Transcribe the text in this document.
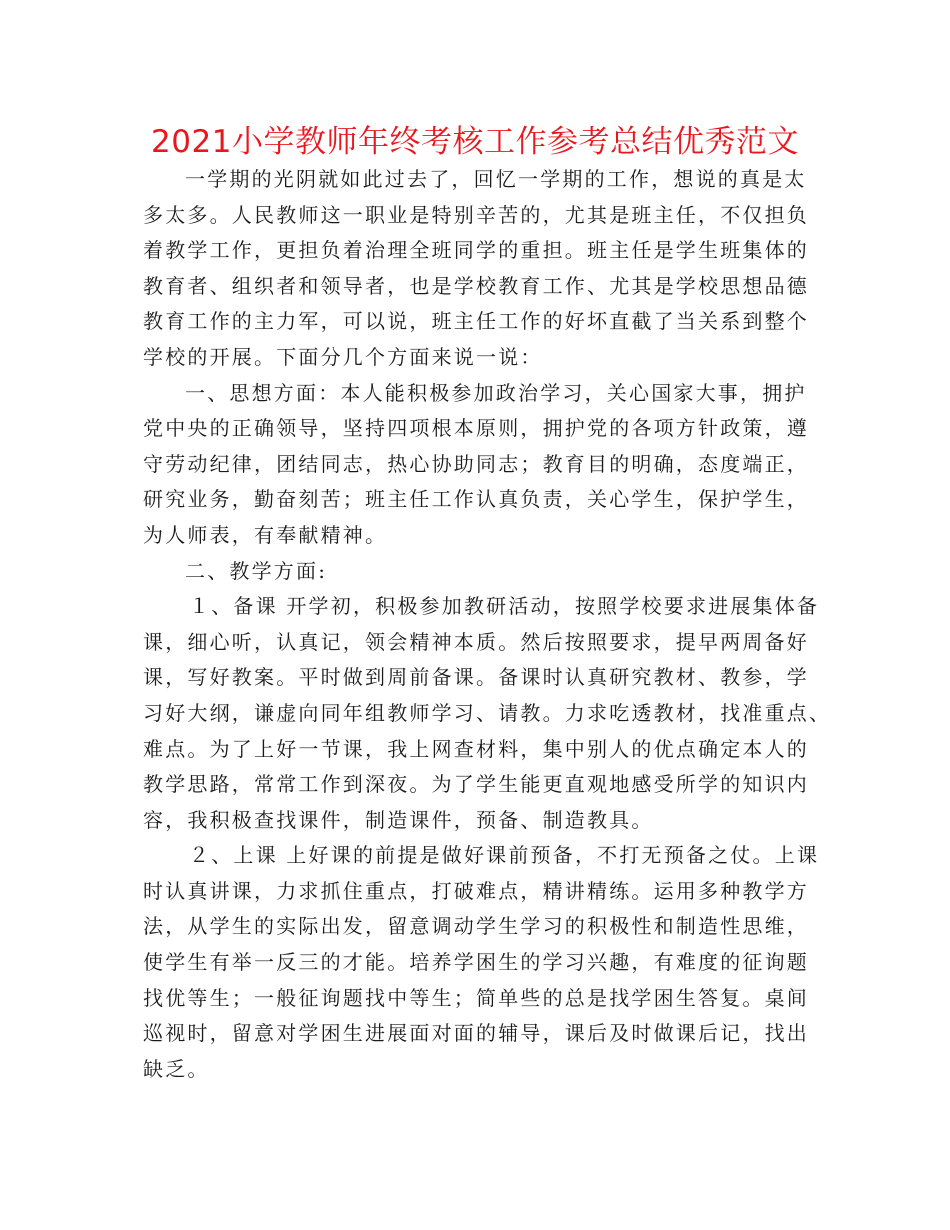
2021小学教师年终考核工作参考总结优秀范文
一学期的光阴就如此过去了，回忆一学期的工作，想说的真是太
多太多。人民教师这一职业是特别辛苦的，尤其是班主任，不仅担负
着教学工作，更担负着治理全班同学的重担。班主任是学生班集体的
教育者、组织者和领导者，也是学校教育工作、尤其是学校思想品德
教育工作的主力军，可以说，班主任工作的好坏直截了当关系到整个
学校的开展。下面分几个方面来说一说：
一、思想方面：本人能积极参加政治学习，关心国家大事，拥护
党中央的正确领导，坚持四项根本原则，拥护党的各项方针政策，遵
守劳动纪律，团结同志，热心协助同志；教育目的明确，态度端正，
研究业务，勤奋刻苦；班主任工作认真负责，关心学生，保护学生，
为人师表，有奉献精神。
二、教学方面:
１、备课 开学初，积极参加教研活动，按照学校要求进展集体备
课，细心听，认真记，领会精神本质。然后按照要求，提早两周备好
课，写好教案。平时做到周前备课。备课时认真研究教材、教参，学
习好大纲，谦虚向同年组教师学习、请教。力求吃透教材，找准重点、
难点。为了上好一节课，我上网查材料，集中别人的优点确定本人的
教学思路，常常工作到深夜。为了学生能更直观地感受所学的知识内
容，我积极查找课件，制造课件，预备、制造教具。
２、上课 上好课的前提是做好课前预备，不打无预备之仗。上课
时认真讲课，力求抓住重点，打破难点，精讲精练。运用多种教学方
法，从学生的实际出发，留意调动学生学习的积极性和制造性思维，
使学生有举一反三的才能。培养学困生的学习兴趣，有难度的征询题
找优等生；一般征询题找中等生；简单些的总是找学困生答复。桌间
巡视时，留意对学困生进展面对面的辅导，课后及时做课后记，找出
缺乏。
